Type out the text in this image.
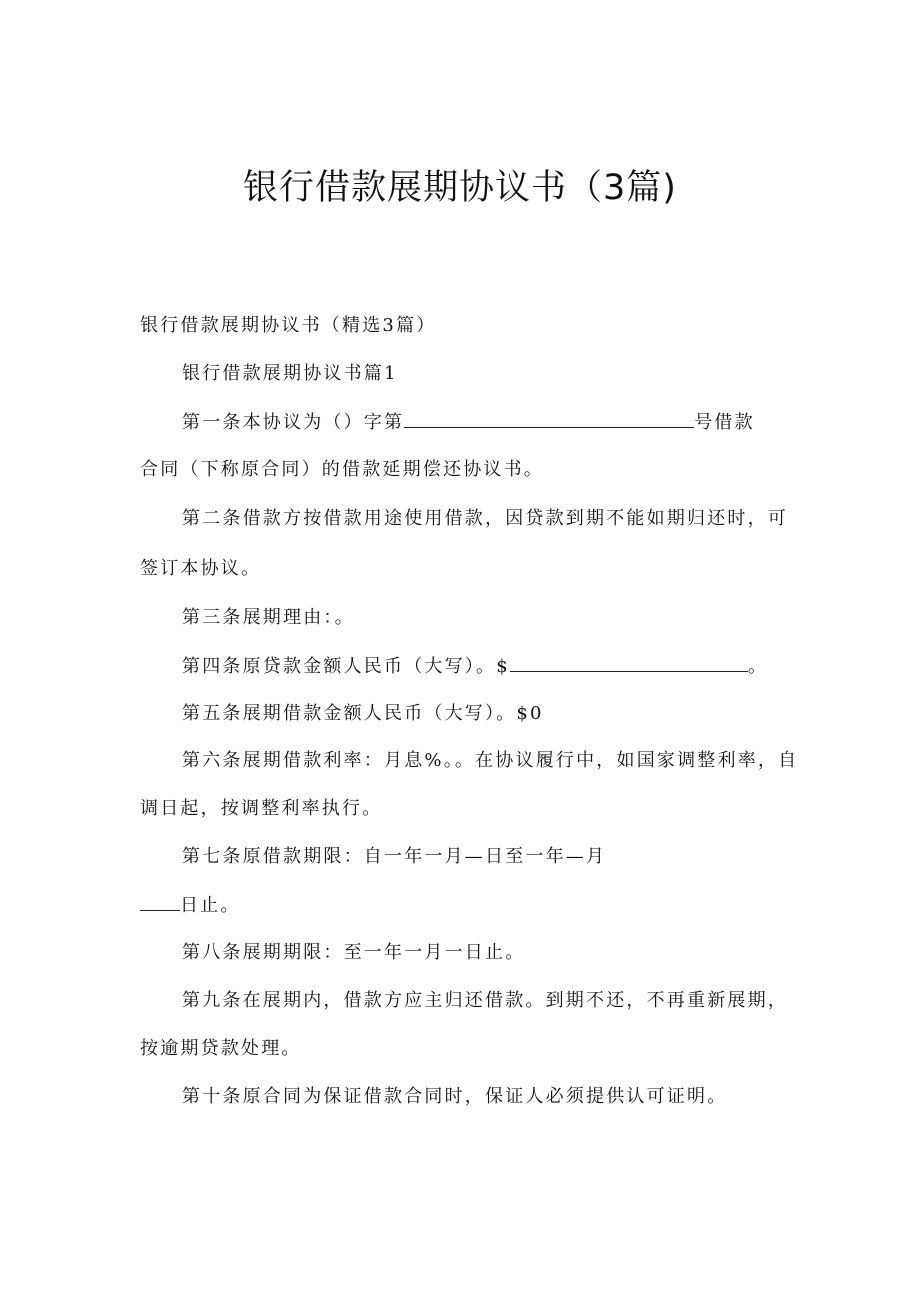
银行借款展期协议书（3篇)
银行借款展期协议书（精选3篇）
银行借款展期协议书篇1
第一条本协议为（）字第	号借款
合同（下称原合同）的借款延期偿还协议书。
第二条借款方按借款用途使用借款，因贷款到期不能如期归还时，可
签订本协议。
第三条展期理由：。
第四条原贷款金额人民币（大写）。$	。
第五条展期借款金额人民币（大写）。$0
第六条展期借款利率：月息%。。在协议履行中，如国家调整利率，自
调日起，按调整利率执行。
第七条原借款期限：自一年一月—日至一年—月
日止。
第八条展期期限：至一年一月一日止。
第九条在展期内，借款方应主归还借款。到期不还，不再重新展期，
按逾期贷款处理。
第十条原合同为保证借款合同时，保证人必须提供认可证明。
